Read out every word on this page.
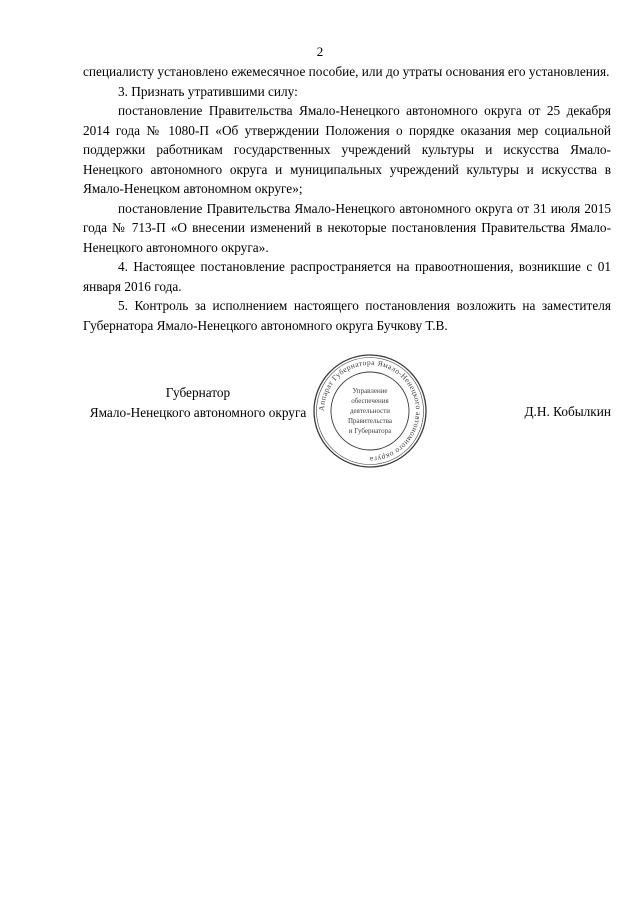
2

специалисту установлено ежемесячное пособие, или до утраты основания его установления.

3. Признать утратившими силу:

постановление Правительства Ямало-Ненецкого автономного округа от 25 декабря 2014 года № 1080-П «Об утверждении Положения о порядке оказания мер социальной поддержки работникам государственных учреждений культуры и искусства Ямало-Ненецкого автономного округа и муниципальных учреждений культуры и искусства в Ямало-Ненецком автономном округе»;

постановление Правительства Ямало-Ненецкого автономного округа от 31 июля 2015 года № 713-П «О внесении изменений в некоторые постановления Правительства Ямало-Ненецкого автономного округа».

4. Настоящее постановление распространяется на правоотношения, возникшие с 01 января 2016 года.

5. Контроль за исполнением настоящего постановления возложить на заместителя Губернатора Ямало-Ненецкого автономного округа Бучкову Т.В.

Губернатор
Ямало-Ненецкого автономного округа	Аппарат Губернатора Ямало-Ненецкого автономного округа
Управление
обеспечения
деятельности
Правительства
и Губернатора
Д.Н. Кобылкин
